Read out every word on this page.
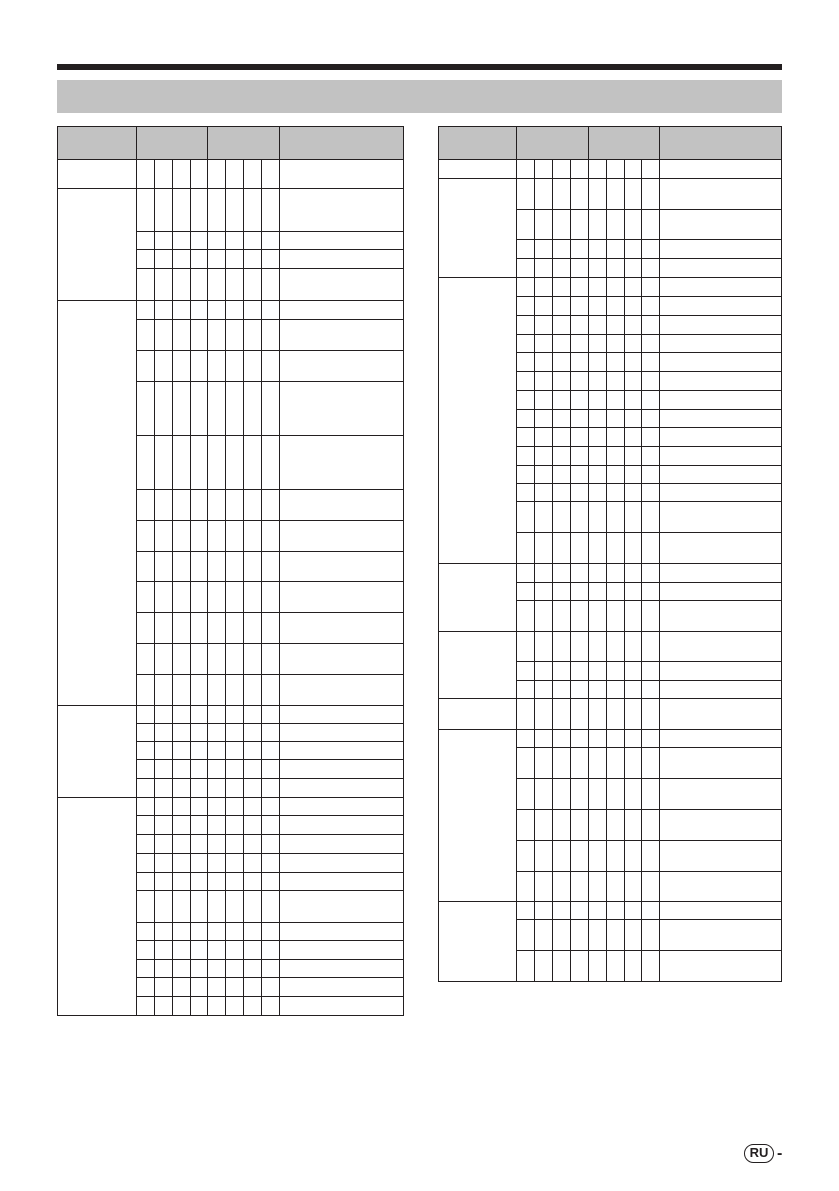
RU -
